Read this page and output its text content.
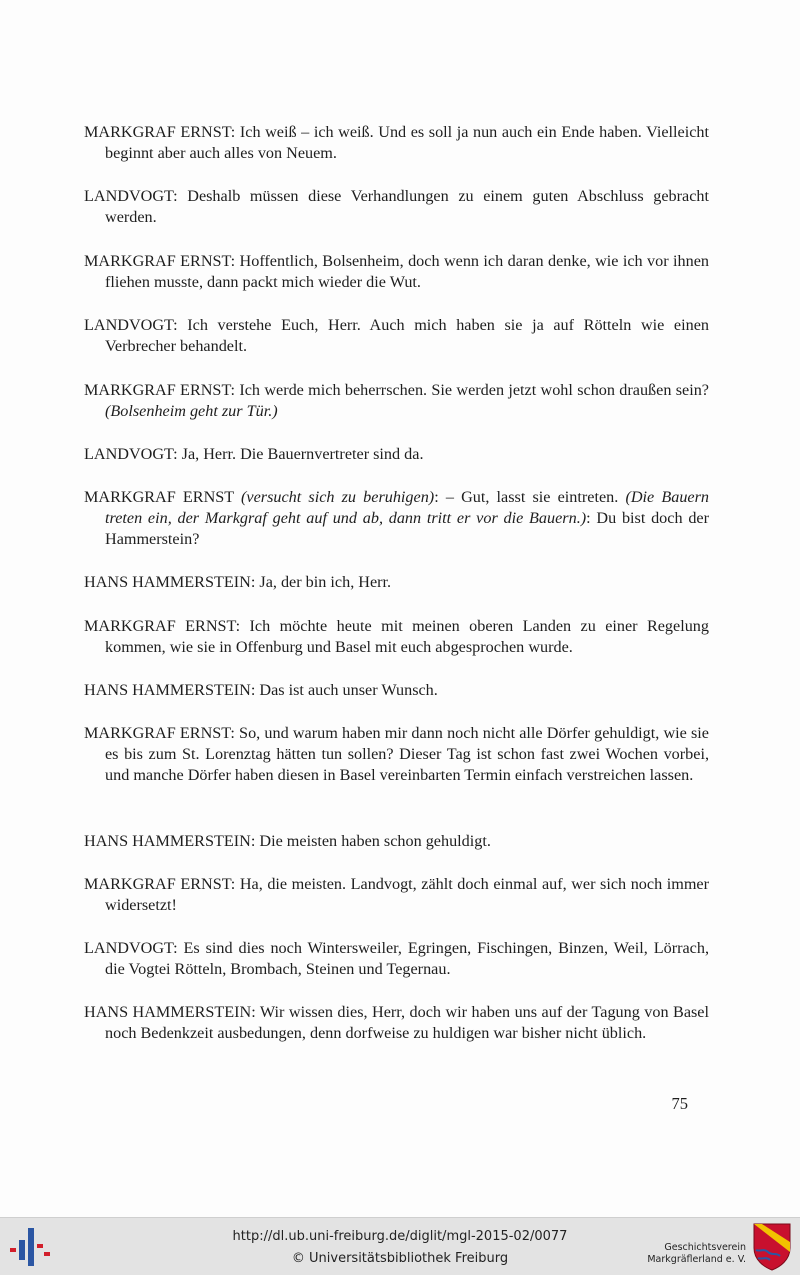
MARKGRAF ERNST: Ich weiß – ich weiß. Und es soll ja nun auch ein Ende haben. Vielleicht beginnt aber auch alles von Neuem.

LANDVOGT: Deshalb müssen diese Verhandlungen zu einem guten Abschluss gebracht werden.

MARKGRAF ERNST: Hoffentlich, Bolsenheim, doch wenn ich daran denke, wie ich vor ihnen fliehen musste, dann packt mich wieder die Wut.

LANDVOGT: Ich verstehe Euch, Herr. Auch mich haben sie ja auf Rötteln wie einen Verbrecher behandelt.

MARKGRAF ERNST: Ich werde mich beherrschen. Sie werden jetzt wohl schon draußen sein? (Bolsenheim geht zur Tür.)

LANDVOGT: Ja, Herr. Die Bauernvertreter sind da.

MARKGRAF ERNST (versucht sich zu beruhigen): – Gut, lasst sie eintreten. (Die Bauern treten ein, der Markgraf geht auf und ab, dann tritt er vor die Bauern.): Du bist doch der Hammerstein?

HANS HAMMERSTEIN: Ja, der bin ich, Herr.

MARKGRAF ERNST: Ich möchte heute mit meinen oberen Landen zu einer Regelung kommen, wie sie in Offenburg und Basel mit euch abgesprochen wurde.

HANS HAMMERSTEIN: Das ist auch unser Wunsch.

MARKGRAF ERNST: So, und warum haben mir dann noch nicht alle Dörfer gehuldigt, wie sie es bis zum St. Lorenztag hätten tun sollen? Dieser Tag ist schon fast zwei Wochen vorbei, und manche Dörfer haben diesen in Basel vereinbarten Termin einfach verstreichen lassen.

HANS HAMMERSTEIN: Die meisten haben schon gehuldigt.

MARKGRAF ERNST: Ha, die meisten. Landvogt, zählt doch einmal auf, wer sich noch immer widersetzt!

LANDVOGT: Es sind dies noch Wintersweiler, Egringen, Fischingen, Binzen, Weil, Lörrach, die Vogtei Rötteln, Brombach, Steinen und Tegernau.

HANS HAMMERSTEIN: Wir wissen dies, Herr, doch wir haben uns auf der Tagung von Basel noch Bedenkzeit ausbedungen, denn dorfweise zu huldigen war bisher nicht üblich.

75
http://dl.ub.uni-freiburg.de/diglit/mgl-2015-02/0077
© Universitätsbibliothek Freiburg
Geschichtsverein
Markgräflerland e. V.
